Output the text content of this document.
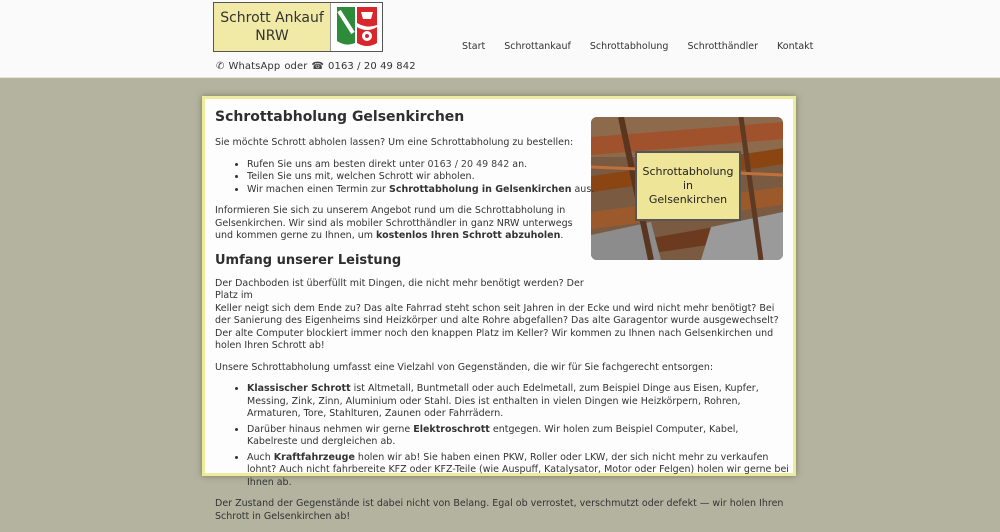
Schrott Ankauf
NRW
✆ WhatsApp oder ☎ 0163 / 20 49 842
Start Schrottankauf Schrottabholung Schrotthändler Kontakt
Schrottabholung
in
Gelsenkirchen
Schrottabholung Gelsenkirchen

Sie möchte Schrott abholen lassen? Um eine Schrottabholung zu bestellen:

• Rufen Sie uns am besten direkt unter 0163 / 20 49 842 an.
• Teilen Sie uns mit, welchen Schrott wir abholen.
• Wir machen einen Termin zur Schrottabholung in Gelsenkirchen aus.

Informieren Sie sich zu unserem Angebot rund um die Schrottabholung in Gelsenkirchen. Wir sind als mobiler Schrotthändler in ganz NRW unterwegs und kommen gerne zu Ihnen, um kostenlos Ihren Schrott abzuholen.

Umfang unserer Leistung

Der Dachboden ist überfüllt mit Dingen, die nicht mehr benötigt werden? Der Platz im
Keller neigt sich dem Ende zu? Das alte Fahrrad steht schon seit Jahren in der Ecke und wird nicht mehr benötigt? Bei der Sanierung des Eigenheims sind Heizkörper und alte Rohre abgefallen? Das alte Garagentor wurde ausgewechselt? Der alte Computer blockiert immer noch den knappen Platz im Keller? Wir kommen zu Ihnen nach Gelsenkirchen und holen Ihren Schrott ab!

Unsere Schrottabholung umfasst eine Vielzahl von Gegenständen, die wir für Sie fachgerecht entsorgen:

• Klassischer Schrott ist Altmetall, Buntmetall oder auch Edelmetall, zum Beispiel Dinge aus Eisen, Kupfer, Messing, Zink, Zinn, Aluminium oder Stahl. Dies ist enthalten in vielen Dingen wie Heizkörpern, Rohren, Armaturen, Tore, Stahlturen, Zaunen oder Fahrrädern.
• Darüber hinaus nehmen wir gerne Elektroschrott entgegen. Wir holen zum Beispiel Computer, Kabel, Kabelreste und dergleichen ab.
• Auch Kraftfahrzeuge holen wir ab! Sie haben einen PKW, Roller oder LKW, der sich nicht mehr zu verkaufen lohnt? Auch nicht fahrbereite KFZ oder KFZ-Teile (wie Auspuff, Katalysator, Motor oder Felgen) holen wir gerne bei Ihnen ab.

Der Zustand der Gegenstände ist dabei nicht von Belang. Egal ob verrostet, verschmutzt oder defekt — wir holen Ihren Schrott in Gelsenkirchen ab!
